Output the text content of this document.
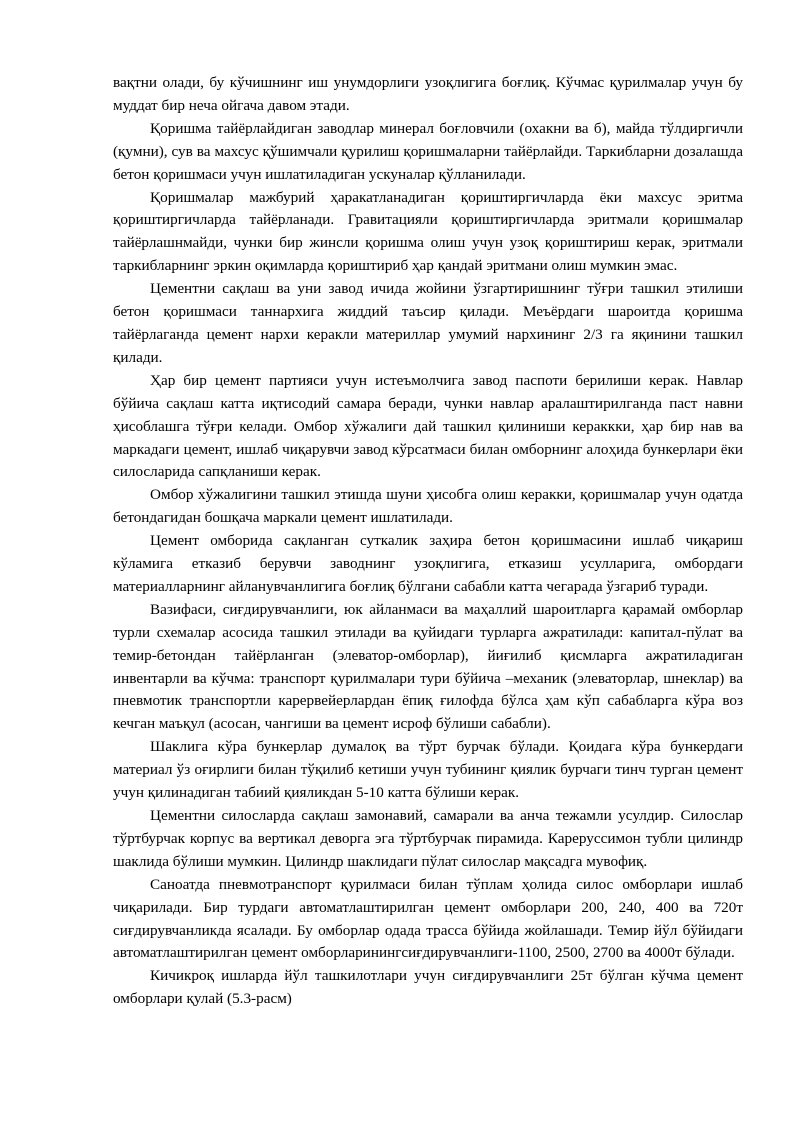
вақтни олади, бу кўчишнинг иш унумдорлиги узоқлигига боғлиқ. Кўчмас қурилмалар учун бу муддат бир неча ойгача давом этади.

Қоришма тайёрлайдиган заводлар минерал боғловчили (охакни ва б), майда тўлдиргичли (қумни), сув ва махсус қўшимчали қурилиш қоришмаларни тайёрлайди. Таркибларни дозалашда бетон қоришмаси учун ишлатиладиган ускуналар қўлланилади.

Қоришмалар мажбурий ҳаракатланадиган қориштиргичларда ёки махсус эритма қориштиргичларда тайёрланади. Гравитацияли қориштиргичларда эритмали қоришмалар тайёрлашнмайди, чунки бир жинсли қоришма олиш учун узоқ қориштириш керак, эритмали таркибларнинг эркин оқимларда қориштириб ҳар қандай эритмани олиш мумкин эмас.

Цементни сақлаш ва уни завод ичида жойини ўзгартиришнинг тўғри ташкил этилиши бетон қоришмаси таннархига жиддий таъсир қилади. Меъёрдаги шароитда қоришма тайёрлаганда цемент нархи керакли материллар умумий нархининг 2/3 га яқинини ташкил қилади.

Ҳар бир цемент партияси учун истеъмолчига завод паспоти берилиши керак. Навлар бўйича сақлаш катта иқтисодий самара беради, чунки навлар аралаштирилганда паст навни ҳисоблашга тўғри келади. Омбор хўжалиги дай ташкил қилиниши кераккки, ҳар бир нав ва маркадаги цемент, ишлаб чиқарувчи завод кўрсатмаси билан омборнинг алоҳида бункерлари ёки силосларида сапқланиши керак.

Омбор хўжалигини ташкил этишда шуни ҳисобга олиш керакки, қоришмалар учун одатда бетондагидан бошқача маркали цемент ишлатилади.

Цемент омборида сақланган суткалик заҳира бетон қоришмасини ишлаб чиқариш кўламига етказиб берувчи заводнинг узоқлигига, етказиш усулларига, омбордаги материалларнинг айланувчанлигига боғлиқ бўлгани сабабли катта чегарада ўзгариб туради.

Вазифаси, сиғдирувчанлиги, юк айланмаси ва маҳаллий шароитларга қарамай омборлар турли схемалар асосида ташкил этилади ва қуйидаги турларга ажратилади: капитал-пўлат ва темир-бетондан тайёрланган (элеватор-омборлар), йиғилиб қисмларга ажратиладиган инвентарли ва кўчма: транспорт қурилмалари тури бўйича –механик (элеваторлар, шнеклар) ва пневмотик транспортли карервейерлардан ёпиқ ғилофда бўлса ҳам кўп сабабларга кўра воз кечган маъқул (асосан, чангиши ва цемент исроф бўлиши сабабли).

Шаклига кўра бункерлар думалоқ ва тўрт бурчак бўлади. Қоидага кўра бункердаги материал ўз оғирлиги билан тўқилиб кетиши учун тубининг қиялик бурчаги тинч турган цемент учун қилинадиган табиий қияликдан 5-10 катта бўлиши керак.

Цементни силосларда сақлаш замонавий, самарали ва анча тежамли усулдир. Силослар тўртбурчак корпус ва вертикал деворга эга тўртбурчак пирамида. Кареруссимон тубли цилиндр шаклида бўлиши мумкин. Цилиндр шаклидаги пўлат силослар мақсадга мувофиқ.

Саноатда пневмотранспорт қурилмаси билан тўплам ҳолида силос омборлари ишлаб чиқарилади. Бир турдаги автоматлаштирилган цемент омборлари 200, 240, 400 ва 720т сиғдирувчанликда ясалади. Бу омборлар одада трасса бўйида жойлашади. Темир йўл бўйидаги автоматлаштирилган цемент омборларинингсиғдирувчанлиги-1100, 2500, 2700 ва 4000т бўлади.

Кичикроқ ишларда йўл ташкилотлари учун сиғдирувчанлиги 25т бўлган кўчма цемент омборлари қулай (5.3-расм)
